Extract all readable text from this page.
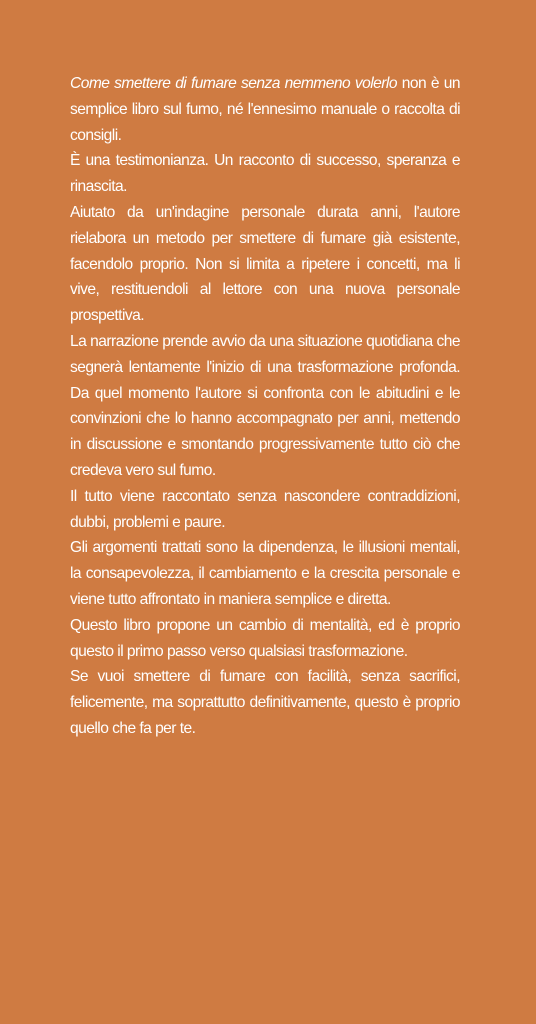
Come smettere di fumare senza nemmeno volerlo non è un semplice libro sul fumo, né l'ennesimo manuale o raccolta di consigli.

È una testimonianza. Un racconto di successo, speranza e rinascita.

Aiutato da un'indagine personale durata anni, l'autore rielabora un metodo per smettere di fumare già esistente, facendolo proprio. Non si limita a ripetere i concetti, ma li vive, restituendoli al lettore con una nuova personale prospettiva.

La narrazione prende avvio da una situazione quotidiana che segnerà lentamente l'inizio di una trasformazione profonda. Da quel momento l'autore si confronta con le abitudini e le convinzioni che lo hanno accompagnato per anni, mettendo in discussione e smontando progressivamente tutto ciò che credeva vero sul fumo.

Il tutto viene raccontato senza nascondere contraddizioni, dubbi, problemi e paure.

Gli argomenti trattati sono la dipendenza, le illusioni mentali, la consapevolezza, il cambiamento e la crescita personale e viene tutto affrontato in maniera semplice e diretta.

Questo libro propone un cambio di mentalità, ed è proprio questo il primo passo verso qualsiasi trasformazione.

Se vuoi smettere di fumare con facilità, senza sacrifici, felicemente, ma soprattutto definitivamente, questo è proprio quello che fa per te.
